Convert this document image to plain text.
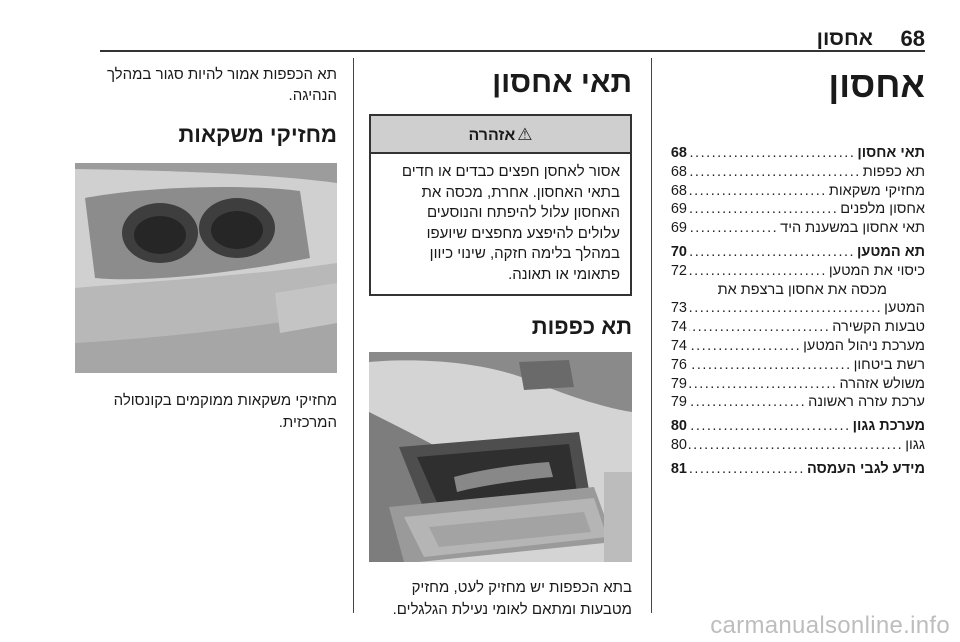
68
אחסון
אחסון
תאי אחסון
.....
68
תא כפפות
.....
68
מחזיקי משקאות
.....
68
אחסון מלפנים
.....
69
תאי אחסון במשענת היד
.....
69
תא המטען
.....
70
כיסוי את המטען
.....
72
מכסה את אחסון ברצפת את
המטען
.....
73
טבעות הקשירה
.....
74
מערכת ניהול המטען
.....
74
רשת ביטחון
.....
76
משולש אזהרה
.....
79
ערכת עזרה ראשונה
.....
79
מערכת גגון
.....
80
גגון
.....
80
מידע לגבי העמסה
.....
81
תאי אחסון
⚠אזהרה
אסור לאחסן חפצים כבדים או חדים
בתאי האחסון. אחרת, מכסה את
האחסון עלול להיפתח והנוסעים
עלולים להיפצע מחפצים שיועפו
במהלך בלימה חזקה, שינוי כיוון
פתאומי או תאונה.
תא כפפות
בתא הכפפות יש מחזיק לעט, מחזיק
מטבעות ומתאם לאומי נעילת הגלגלים.
תא הכפפות אמור להיות סגור במהלך
הנהיגה.
מחזיקי משקאות
מחזיקי משקאות ממוקמים בקונסולה
המרכזית.
carmanualsonline.info
